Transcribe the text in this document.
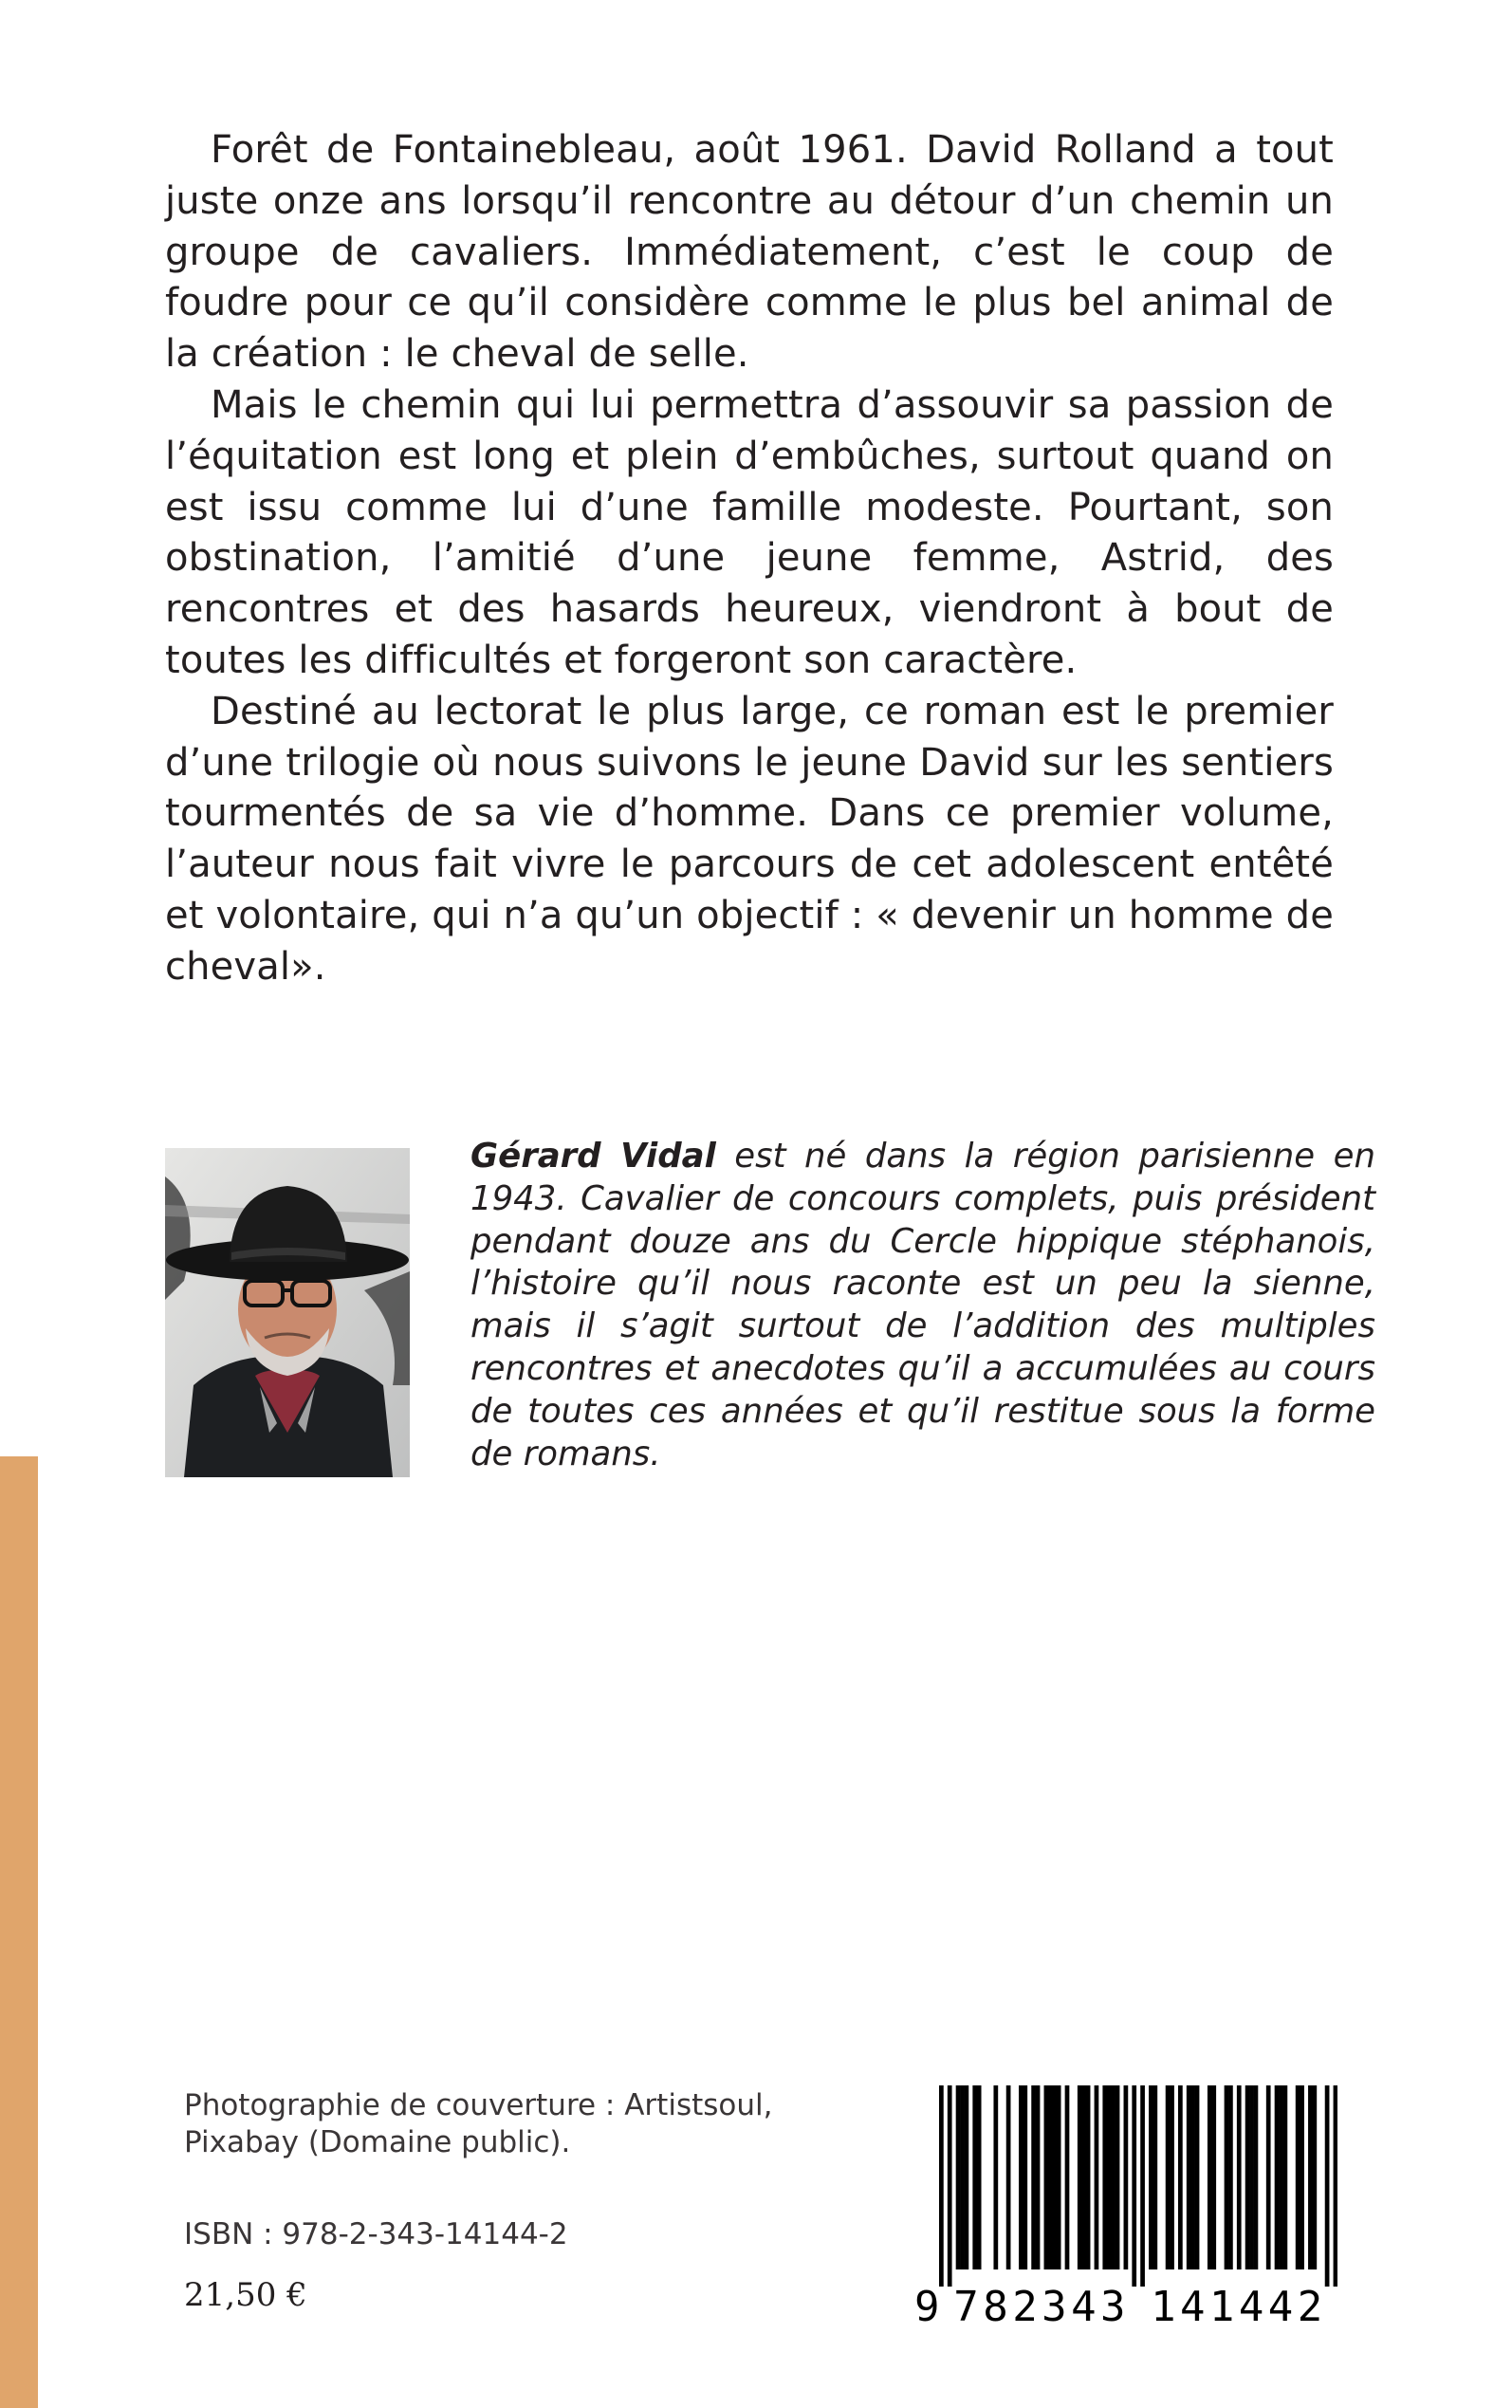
Forêt de Fontainebleau, août 1961. David Rolland a tout juste onze ans lorsqu’il rencontre au détour d’un chemin un groupe de cavaliers. Immédiatement, c’est le coup de foudre pour ce qu’il considère comme le plus bel animal de la création : le cheval de selle.

Mais le chemin qui lui permettra d’assouvir sa passion de l’équitation est long et plein d’embûches, surtout quand on est issu comme lui d’une famille modeste. Pourtant, son obstination, l’amitié d’une jeune femme, Astrid, des rencontres et des hasards heureux, viendront à bout de toutes les difficultés et forgeront son caractère.

Destiné au lectorat le plus large, ce roman est le premier d’une trilogie où nous suivons le jeune David sur les sentiers tourmentés de sa vie d’homme. Dans ce premier volume, l’auteur nous fait vivre le parcours de cet adolescent entêté et volontaire, qui n’a qu’un objectif : « devenir un homme de cheval».

Gérard Vidal est né dans la région parisienne en 1943. Cavalier de concours complets, puis président pendant douze ans du Cercle hippique stéphanois, l’histoire qu’il nous raconte est un peu la sienne, mais il s’agit surtout de l’addition des multiples rencontres et anecdotes qu’il a accumulées au cours de toutes ces années et qu’il restitue sous la forme de romans.

Photographie de couverture : Artistsoul, Pixabay (Domaine public).

ISBN : 978-2-343-14144-2

21,50 €	9 7 8 2 3 4 3 1 4 1 4 4 2
